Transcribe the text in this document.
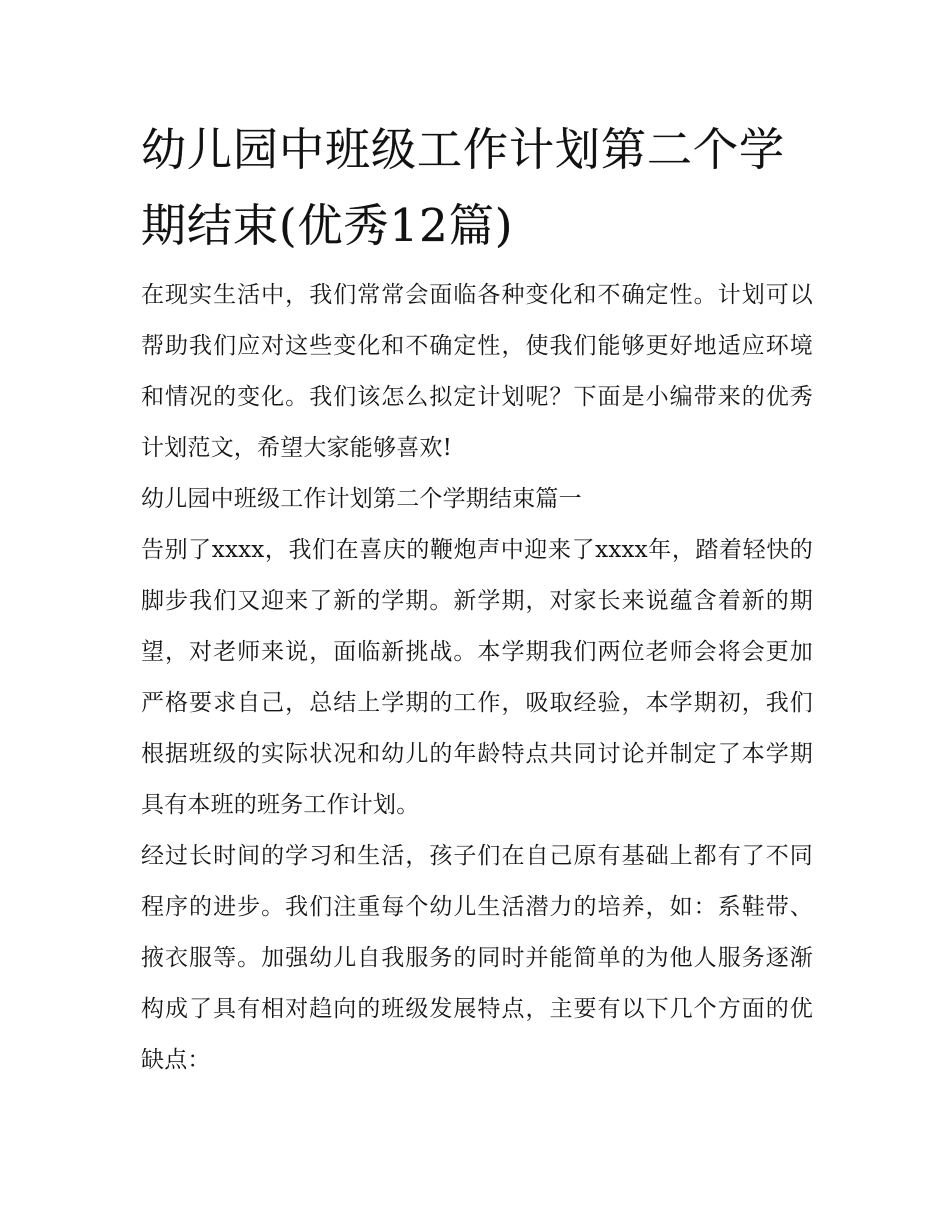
幼儿园中班级工作计划第二个学期结束(优秀12篇)

在现实生活中，我们常常会面临各种变化和不确定性。计划可以帮助我们应对这些变化和不确定性，使我们能够更好地适应环境和情况的变化。我们该怎么拟定计划呢？下面是小编带来的优秀计划范文，希望大家能够喜欢!

幼儿园中班级工作计划第二个学期结束篇一

告别了xxxx，我们在喜庆的鞭炮声中迎来了xxxx年，踏着轻快的脚步我们又迎来了新的学期。新学期，对家长来说蕴含着新的期望，对老师来说，面临新挑战。本学期我们两位老师会将会更加严格要求自己，总结上学期的工作，吸取经验，本学期初，我们根据班级的实际状况和幼儿的年龄特点共同讨论并制定了本学期具有本班的班务工作计划。

经过长时间的学习和生活，孩子们在自己原有基础上都有了不同程序的进步。我们注重每个幼儿生活潜力的培养，如：系鞋带、掖衣服等。加强幼儿自我服务的同时并能简单的为他人服务逐渐构成了具有相对趋向的班级发展特点，主要有以下几个方面的优缺点：
